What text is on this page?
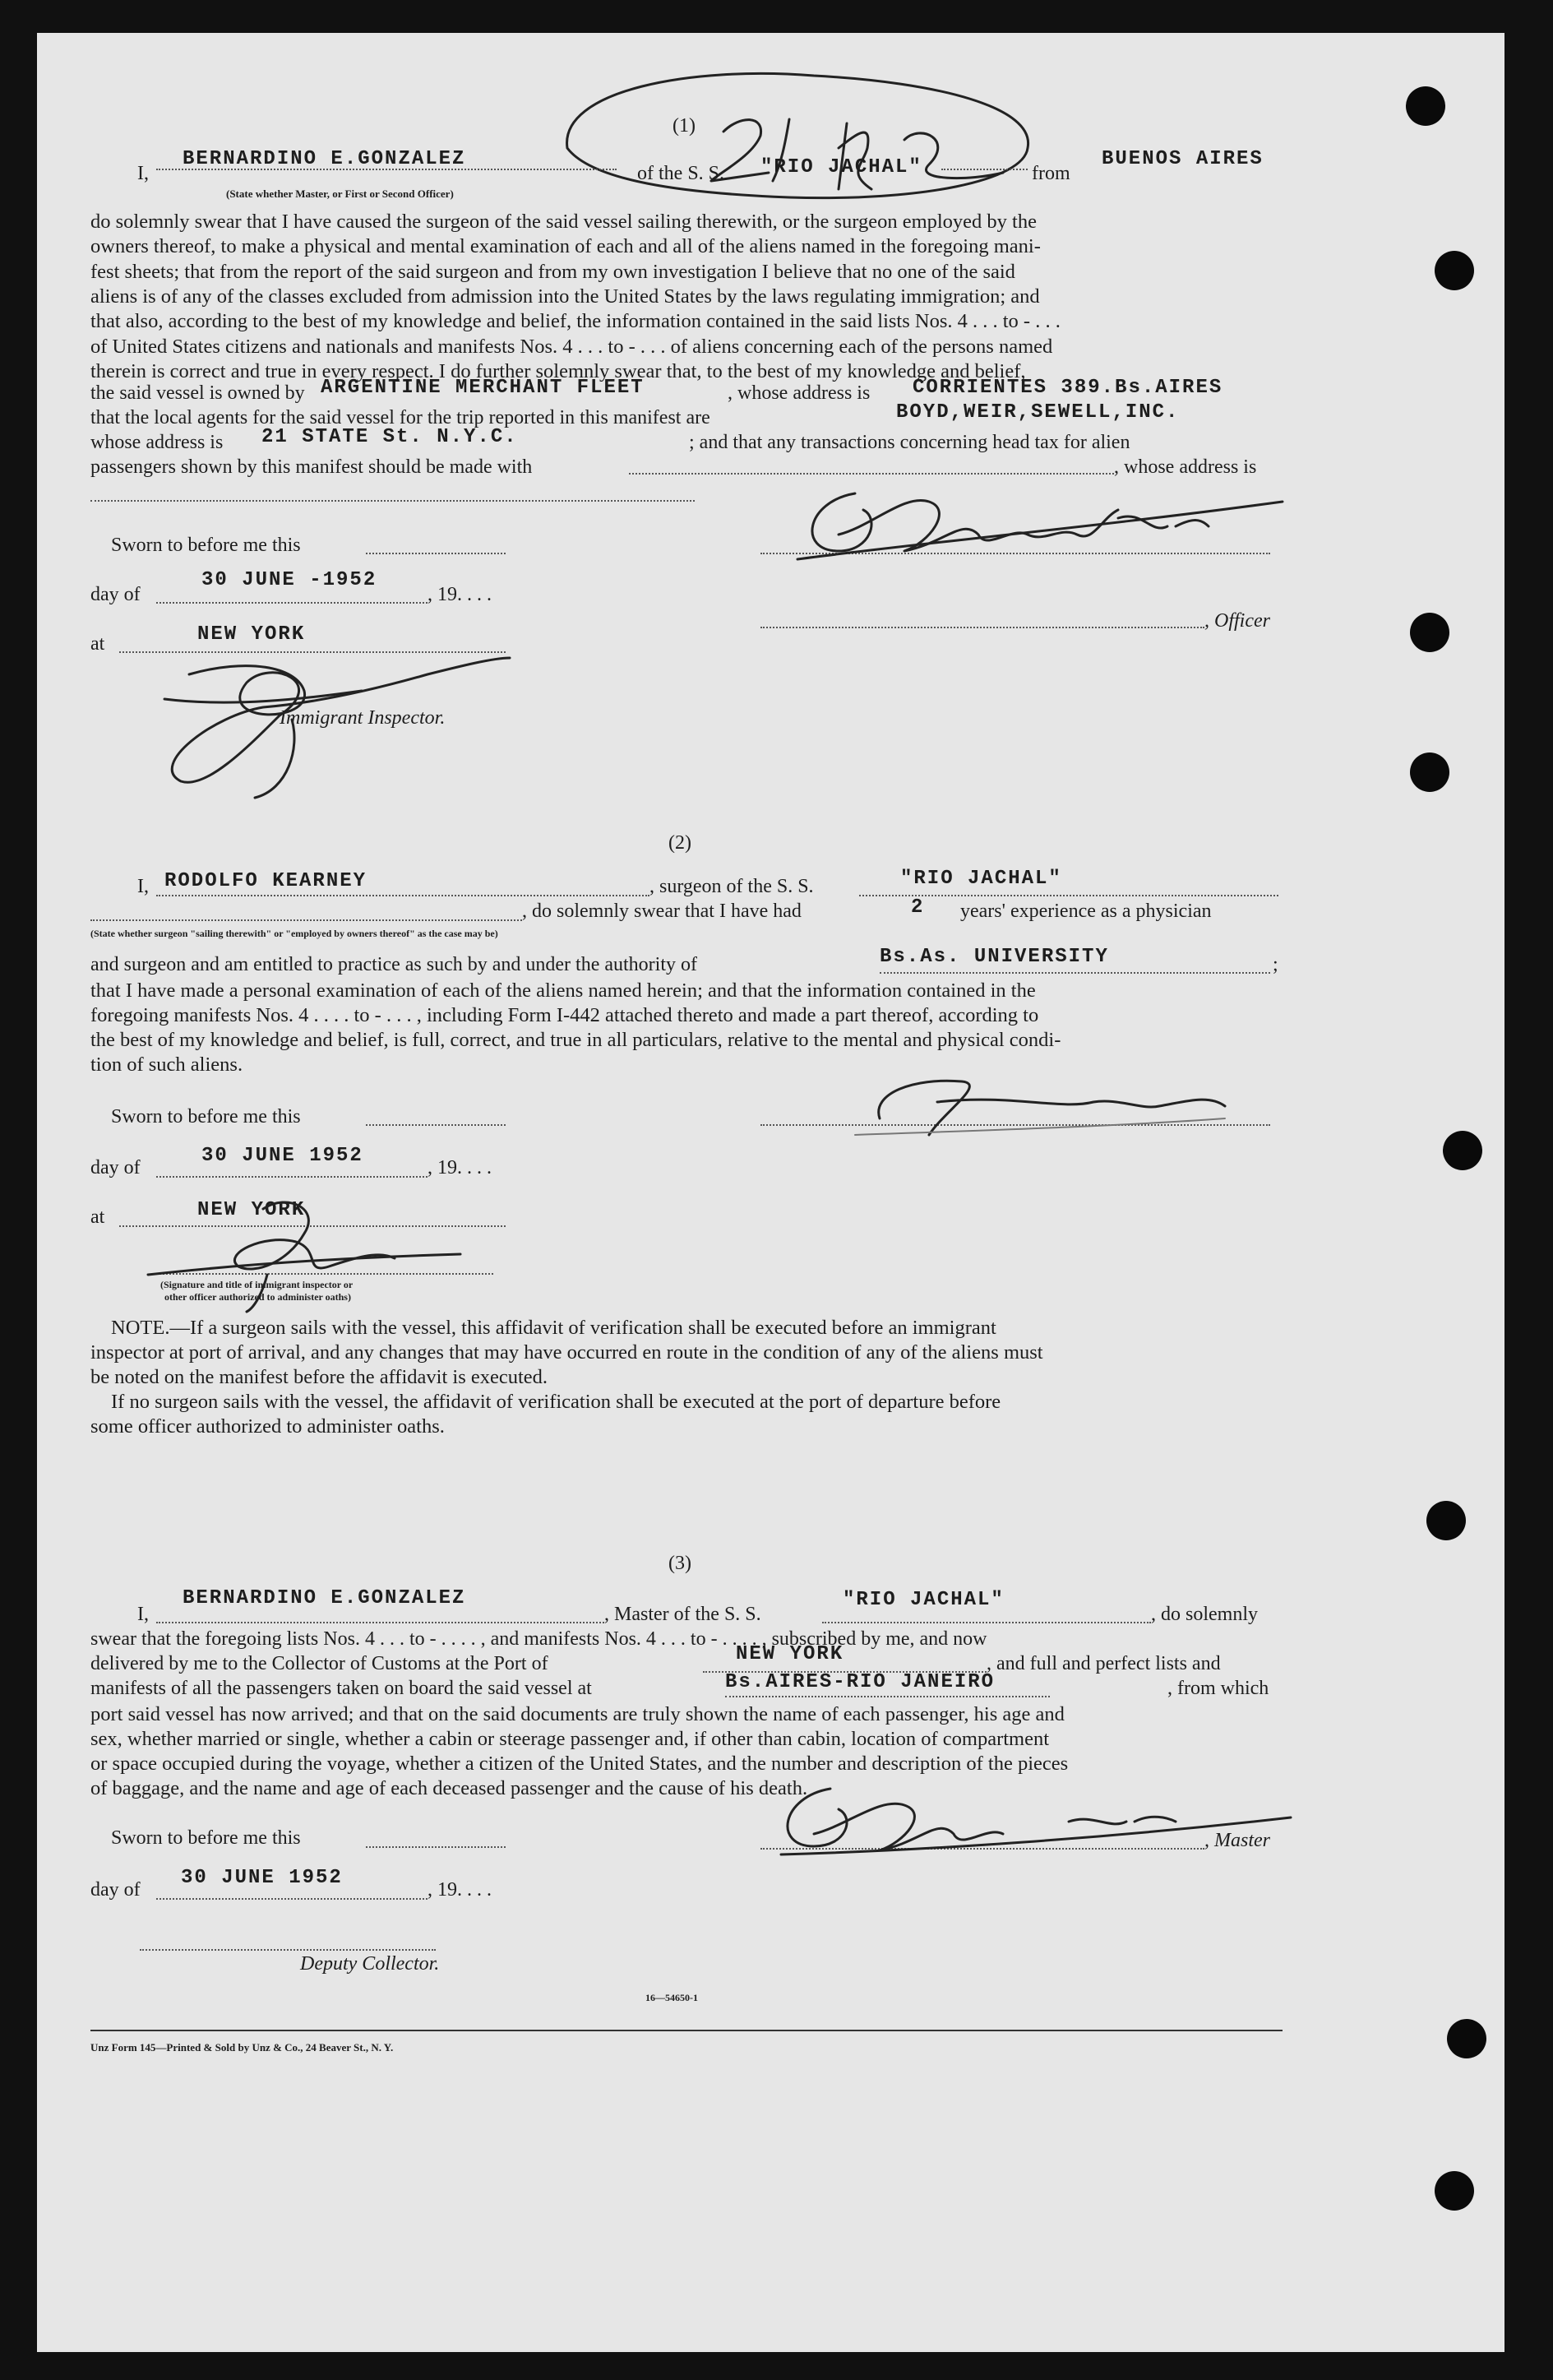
(1)
I,
BERNARDINO E.GONZALEZ
of the S. S. "RIO JACHAL"	from
BUENOS AIRES
(State whether Master, or First or Second Officer)
do solemnly swear that I have caused the surgeon of the said vessel sailing therewith, or the surgeon employed by the
owners thereof, to make a physical and mental examination of each and all of the aliens named in the foregoing mani-
fest sheets; that from the report of the said surgeon and from my own investigation I believe that no one of the said
aliens is of any of the classes excluded from admission into the United States by the laws regulating immigration; and
that also, according to the best of my knowledge and belief, the information contained in the said lists Nos. 4 . . . to - . . .
of United States citizens and nationals and manifests Nos. 4 . . . to - . . . of aliens concerning each of the persons named
therein is correct and true in every respect. I do further solemnly swear that, to the best of my knowledge and belief,
the said vessel is owned by ARGENTINE MERCHANT FLEET	, whose address is CORRIENTES 389.Bs.AIRES
that the local agents for the said vessel for the trip reported in this manifest are	BOYD,WEIR,SEWELL,INC.
whose address is 21 STATE St. N.Y.C.	; and that any transactions concerning head tax for alien
passengers shown by this manifest should be made with	, whose address is
Sworn to before me this
day of
30 JUNE -1952
, 19. . . .
at	NEW YORK
Immigrant Inspector.
, Officer
(2)
I, RODOLFO KEARNEY	, surgeon of the S. S.	"RIO JACHAL"
, do solemnly swear that I have had	2 years' experience as a physician
(State whether surgeon "sailing therewith" or "employed by owners thereof" as the case may be)
and surgeon and am entitled to practice as such by and under the authority of	Bs.As. UNIVERSITY	;
that I have made a personal examination of each of the aliens named herein; and that the information contained in the
foregoing manifests Nos. 4 . . . . to - . . . , including Form I-442 attached thereto and made a part thereof, according to
the best of my knowledge and belief, is full, correct, and true in all particulars, relative to the mental and physical condi-
tion of such aliens.
Sworn to before me this
day of
30 JUNE 1952
, 19. . . .
at	NEW YORK
(Signature and title of immigrant inspector or
other officer authorized to administer oaths)
NOTE.—If a surgeon sails with the vessel, this affidavit of verification shall be executed before an immigrant
inspector at port of arrival, and any changes that may have occurred en route in the condition of any of the aliens must
be noted on the manifest before the affidavit is executed.
If no surgeon sails with the vessel, the affidavit of verification shall be executed at the port of departure before
some officer authorized to administer oaths.
(3)
I,
BERNARDINO E.GONZALEZ
, Master of the S. S.
"RIO JACHAL"
, do solemnly
swear that the foregoing lists Nos. 4 . . . to - . . . . , and manifests Nos. 4 . . . to - . . . . , subscribed by me, and now
delivered by me to the Collector of Customs at the Port of	NEW YORK	, and full and perfect lists and
manifests of all the passengers taken on board the said vessel at	Bs.AIRES-RIO JANEIRO	, from which
port said vessel has now arrived; and that on the said documents are truly shown the name of each passenger, his age and
sex, whether married or single, whether a cabin or steerage passenger and, if other than cabin, location of compartment
or space occupied during the voyage, whether a citizen of the United States, and the number and description of the pieces
of baggage, and the name and age of each deceased passenger and the cause of his death.
Sworn to before me this
day of
30 JUNE 1952
, 19. . . .
Deputy Collector.
, Master
16—54650-1
Unz Form 145—Printed & Sold by Unz & Co., 24 Beaver St., N. Y.
